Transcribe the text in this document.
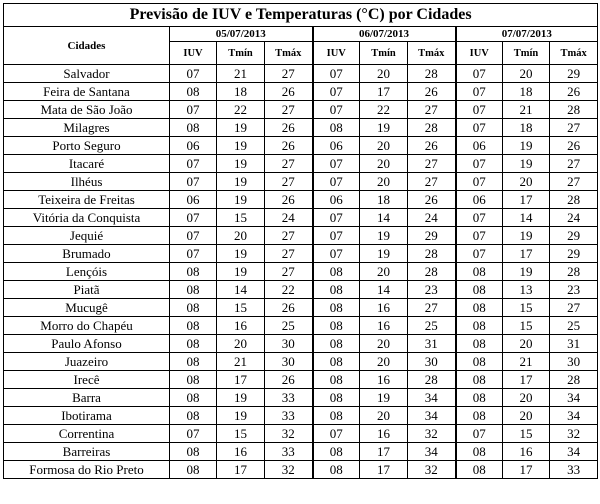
Previsão de IUV e Temperaturas (°C) por Cidades									
Cidades	05/07/2013			06/07/2013			07/07/2013		
	IUV	Tmín	Tmáx	IUV	Tmín	Tmáx	IUV	Tmín	Tmáx
Salvador	07	21	27	07	20	28	07	20	29
Feira de Santana	08	18	26	07	17	26	07	18	26
Mata de São João	07	22	27	07	22	27	07	21	28
Milagres	08	19	26	08	19	28	07	18	27
Porto Seguro	06	19	26	06	20	26	06	19	26
Itacaré	07	19	27	07	20	27	07	19	27
Ilhéus	07	19	27	07	20	27	07	20	27
Teixeira de Freitas	06	19	26	06	18	26	06	17	28
Vitória da Conquista	07	15	24	07	14	24	07	14	24
Jequié	07	20	27	07	19	29	07	19	29
Brumado	07	19	27	07	19	28	07	17	29
Lençóis	08	19	27	08	20	28	08	19	28
Piatã	08	14	22	08	14	23	08	13	23
Mucugê	08	15	26	08	16	27	08	15	27
Morro do Chapéu	08	16	25	08	16	25	08	15	25
Paulo Afonso	08	20	30	08	20	31	08	20	31
Juazeiro	08	21	30	08	20	30	08	21	30
Irecê	08	17	26	08	16	28	08	17	28
Barra	08	19	33	08	19	34	08	20	34
Ibotirama	08	19	33	08	20	34	08	20	34
Correntina	07	15	32	07	16	32	07	15	32
Barreiras	08	16	33	08	17	34	08	16	34
Formosa do Rio Preto	08	17	32	08	17	32	08	17	33
